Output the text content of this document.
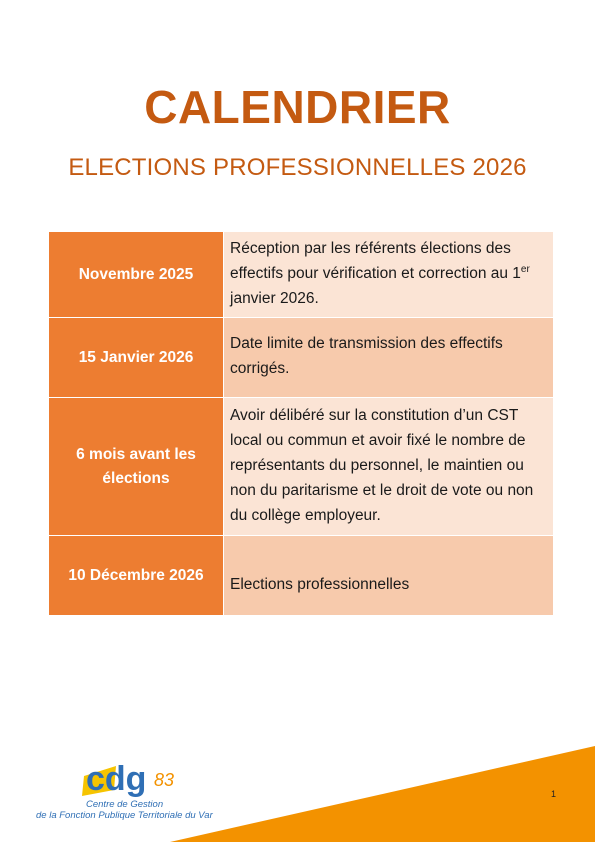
CALENDRIER
ELECTIONS PROFESSIONNELLES 2026
Novembre 2025	Réception par les référents élections des effectifs pour vérification et correction au 1er janvier 2026.
15 Janvier 2026	Date limite de transmission des effectifs corrigés.
6 mois avant les élections	Avoir délibéré sur la constitution d’un CST local ou commun et avoir fixé le nombre de représentants du personnel, le maintien ou non du paritarisme et le droit de vote ou non du collège employeur.
10 Décembre 2026	Elections professionnelles
1
cdg 83
Centre de Gestion
de la Fonction Publique Territoriale du Var
